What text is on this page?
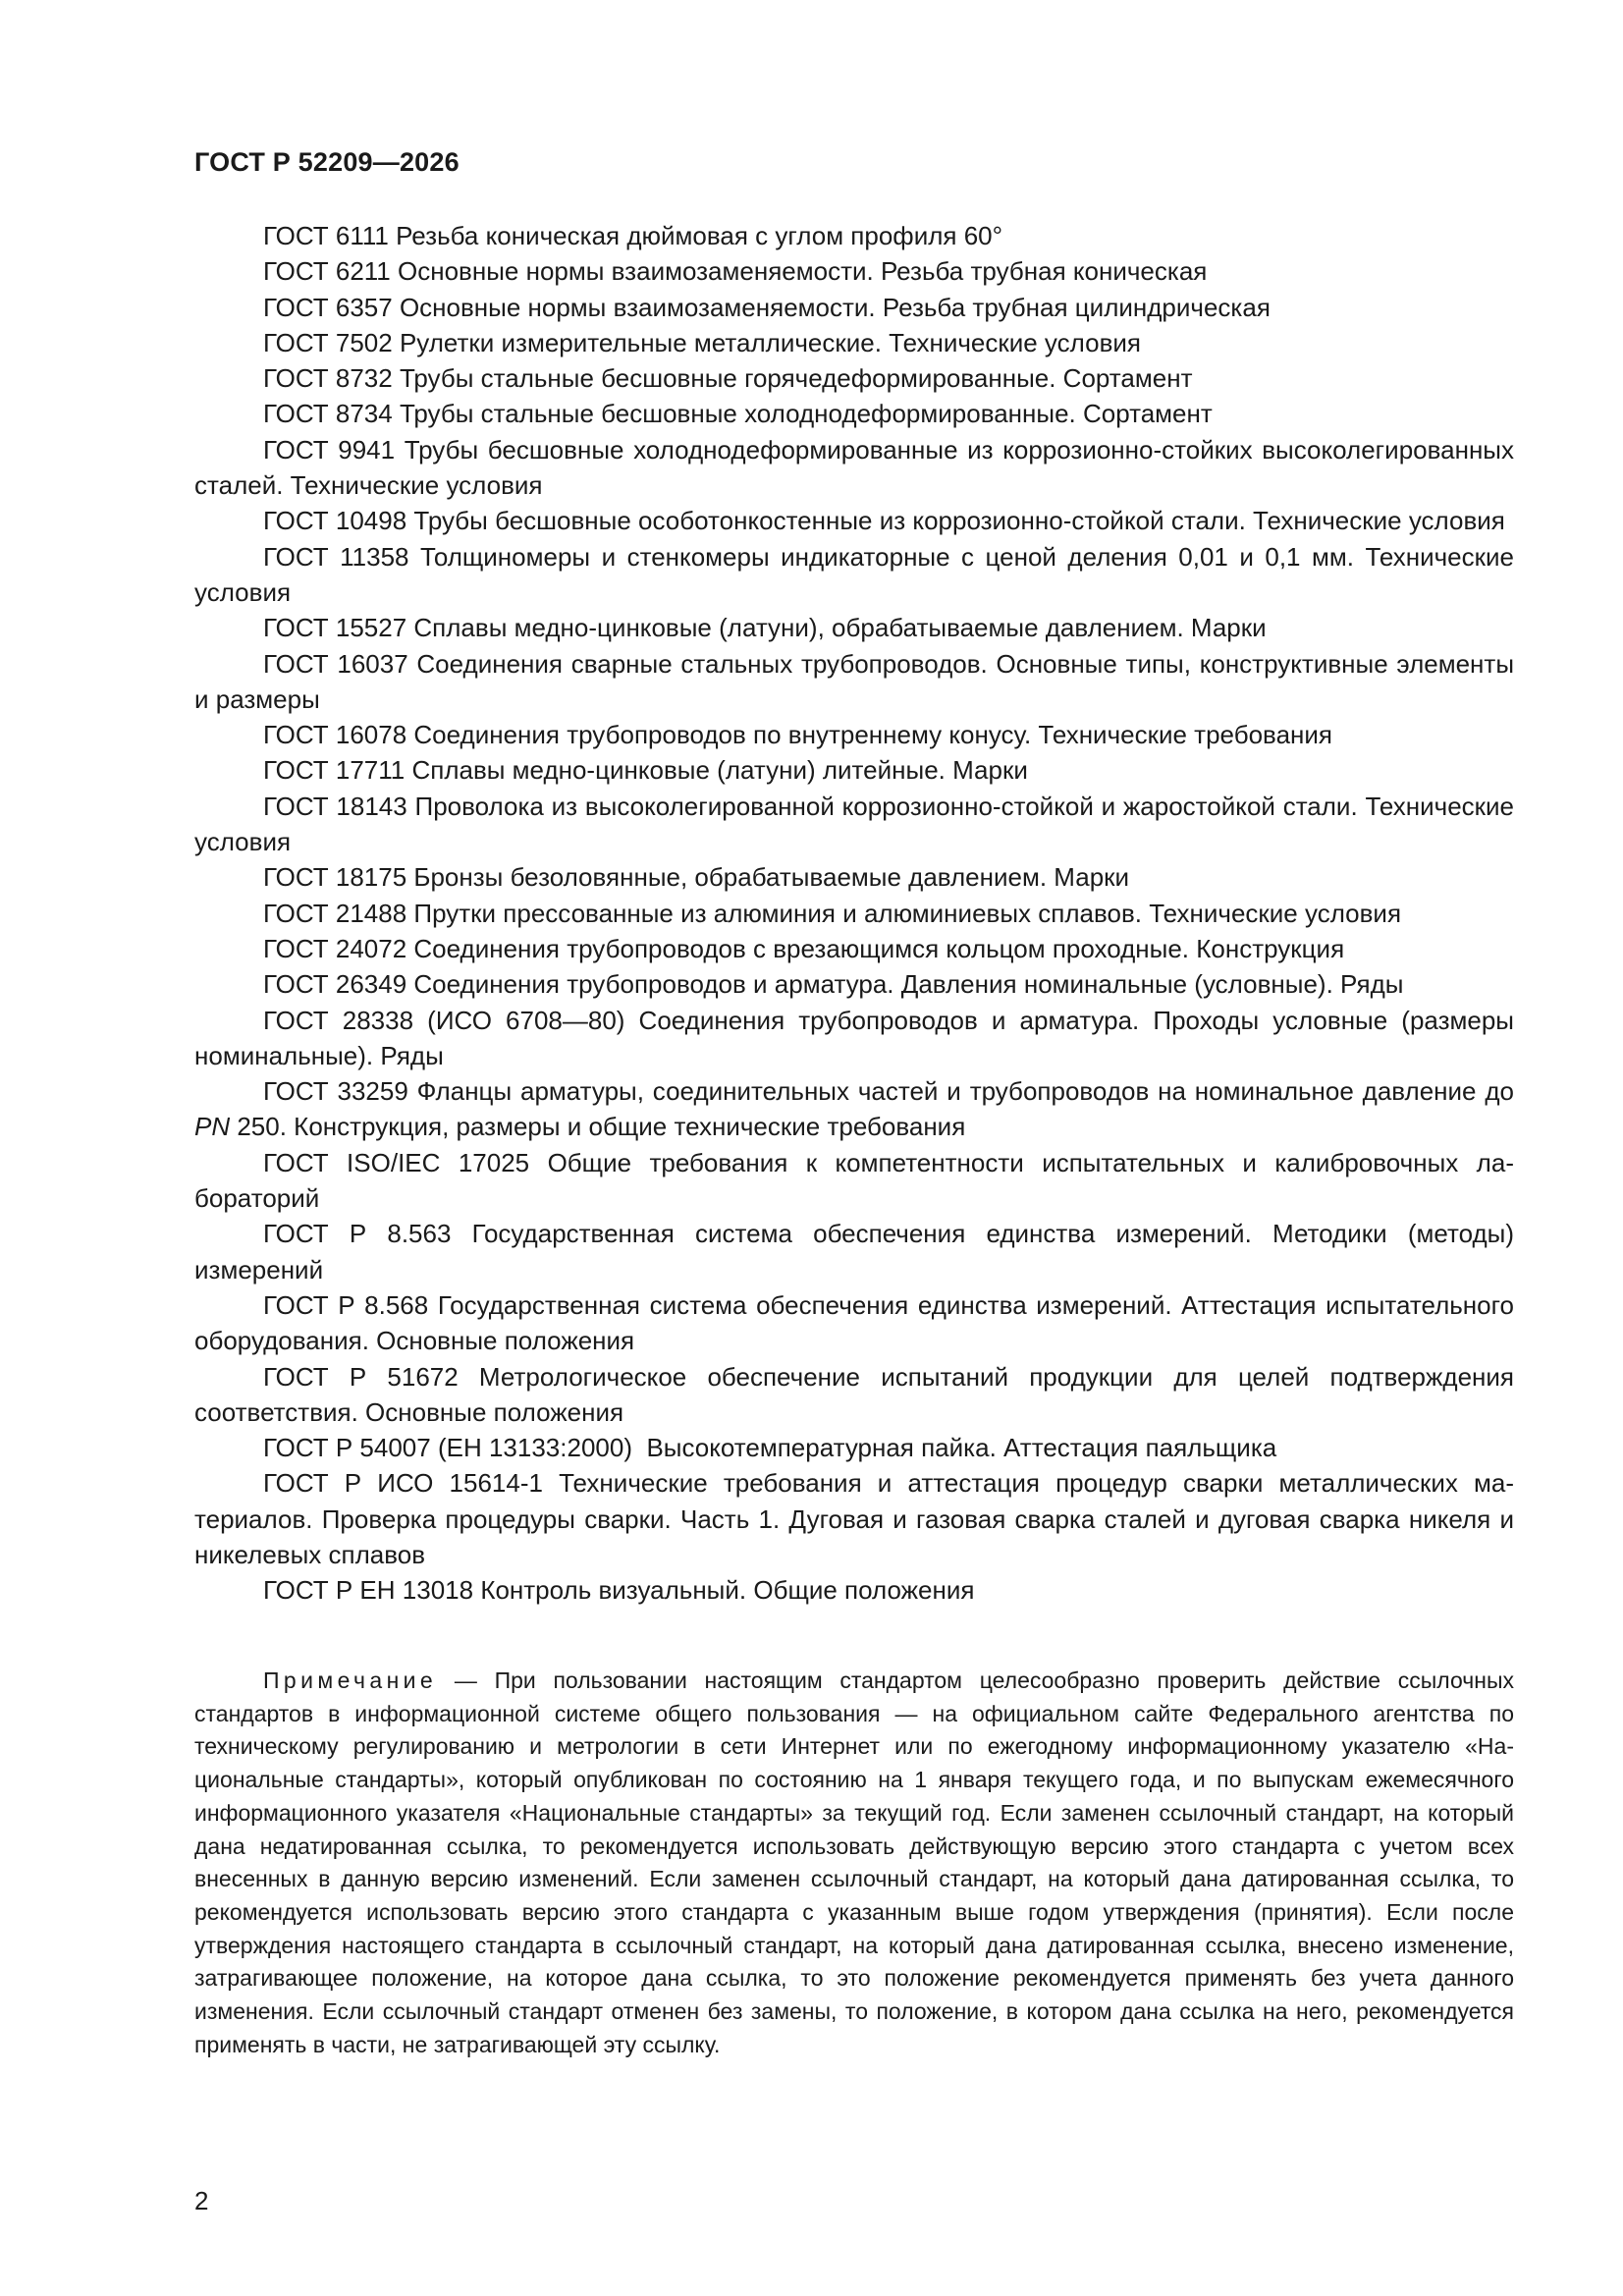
ГОСТ Р 52209—2026
ГОСТ 6111 Резьба коническая дюймовая с углом профиля 60°
ГОСТ 6211 Основные нормы взаимозаменяемости. Резьба трубная коническая
ГОСТ 6357 Основные нормы взаимозаменяемости. Резьба трубная цилиндрическая
ГОСТ 7502 Рулетки измерительные металлические. Технические условия
ГОСТ 8732 Трубы стальные бесшовные горячедеформированные. Сортамент
ГОСТ 8734 Трубы стальные бесшовные холоднодеформированные. Сортамент
ГОСТ 9941 Трубы бесшовные холоднодеформированные из коррозионно-стойких высоколегированных сталей. Технические условия
ГОСТ 10498 Трубы бесшовные особотонкостенные из коррозионно-стойкой стали. Технические условия
ГОСТ 11358 Толщиномеры и стенкомеры индикаторные с ценой деления 0,01 и 0,1 мм. Технические условия
ГОСТ 15527 Сплавы медно-цинковые (латуни), обрабатываемые давлением. Марки
ГОСТ 16037 Соединения сварные стальных трубопроводов. Основные типы, конструктивные элементы и размеры
ГОСТ 16078 Соединения трубопроводов по внутреннему конусу. Технические требования
ГОСТ 17711 Сплавы медно-цинковые (латуни) литейные. Марки
ГОСТ 18143 Проволока из высоколегированной коррозионно-стойкой и жаростойкой стали. Технические условия
ГОСТ 18175 Бронзы безоловянные, обрабатываемые давлением. Марки
ГОСТ 21488 Прутки прессованные из алюминия и алюминиевых сплавов. Технические условия
ГОСТ 24072 Соединения трубопроводов с врезающимся кольцом проходные. Конструкция
ГОСТ 26349 Соединения трубопроводов и арматура. Давления номинальные (условные). Ряды
ГОСТ 28338 (ИСО 6708—80) Соединения трубопроводов и арматура. Проходы условные (размеры номинальные). Ряды
ГОСТ 33259 Фланцы арматуры, соединительных частей и трубопроводов на номинальное давление до PN 250. Конструкция, размеры и общие технические требования
ГОСТ ISO/IEC 17025 Общие требования к компетентности испытательных и калибровочных лабораторий
ГОСТ Р 8.563 Государственная система обеспечения единства измерений. Методики (методы) измерений
ГОСТ Р 8.568 Государственная система обеспечения единства измерений. Аттестация испытательного оборудования. Основные положения
ГОСТ Р 51672 Метрологическое обеспечение испытаний продукции для целей подтверждения соответствия. Основные положения
ГОСТ Р 54007 (ЕН 13133:2000)  Высокотемпературная пайка. Аттестация паяльщика
ГОСТ Р ИСО 15614-1 Технические требования и аттестация процедур сварки металлических материалов. Проверка процедуры сварки. Часть 1. Дуговая и газовая сварка сталей и дуговая сварка никеля и никелевых сплавов
ГОСТ Р ЕН 13018 Контроль визуальный. Общие положения
Примечание — При пользовании настоящим стандартом целесообразно проверить действие ссылочных стандартов в информационной системе общего пользования — на официальном сайте Федерального агентства по техническому регулированию и метрологии в сети Интернет или по ежегодному информационному указателю «Национальные стандарты», который опубликован по состоянию на 1 января текущего года, и по выпускам ежемесячного информационного указателя «Национальные стандарты» за текущий год. Если заменен ссылочный стандарт, на который дана недатированная ссылка, то рекомендуется использовать действующую версию этого стандарта с учетом всех внесенных в данную версию изменений. Если заменен ссылочный стандарт, на который дана датированная ссылка, то рекомендуется использовать версию этого стандарта с указанным выше годом утверждения (принятия). Если после утверждения настоящего стандарта в ссылочный стандарт, на который дана датированная ссылка, внесено изменение, затрагивающее положение, на которое дана ссылка, то это положение рекомендуется применять без учета данного изменения. Если ссылочный стандарт отменен без замены, то положение, в котором дана ссылка на него, рекомендуется применять в части, не затрагивающей эту ссылку.
2
